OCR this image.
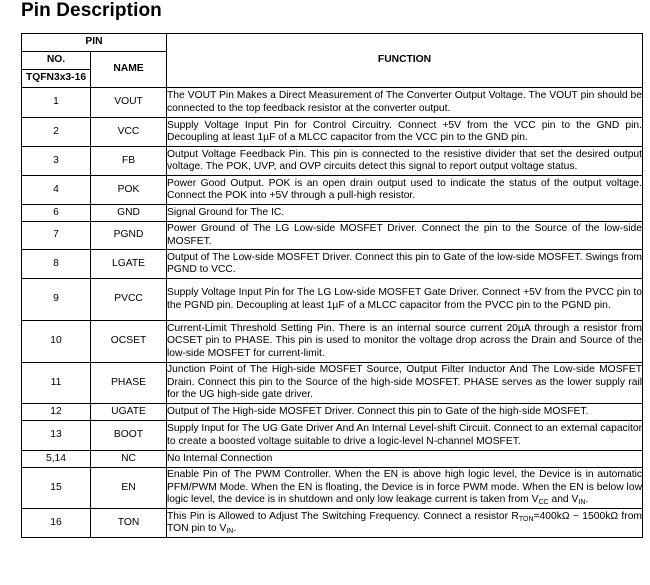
Pin Description
PIN		FUNCTION
NO.	NAME	
TQFN3x3-16		
1	VOUT	The VOUT Pin Makes a Direct Measurement of The Converter Output Voltage. The VOUT pin should be connected to the top feedback resistor at the converter output.
2	VCC	Supply Voltage Input Pin for Control Circuitry. Connect +5V from the VCC pin to the GND pin. Decoupling at least 1µF of a MLCC capacitor from the VCC pin to the GND pin.
3	FB	Output Voltage Feedback Pin. This pin is connected to the resistive divider that set the desired output voltage. The POK, UVP, and OVP circuits detect this signal to report output voltage status.
4	POK	Power Good Output. POK is an open drain output used to indicate the status of the output voltage. Connect the POK into +5V through a pull-high resistor.
6	GND	Signal Ground for The IC.
7	PGND	Power Ground of The LG Low-side MOSFET Driver. Connect the pin to the Source of the low-side MOSFET.
8	LGATE	Output of The Low-side MOSFET Driver. Connect this pin to Gate of the low-side MOSFET. Swings from PGND to VCC.
9	PVCC	Supply Voltage Input Pin for The LG Low-side MOSFET Gate Driver. Connect +5V from the PVCC pin to the PGND pin. Decoupling at least 1µF of a MLCC capacitor from the PVCC pin to the PGND pin.
10	OCSET	Current-Limit Threshold Setting Pin. There is an internal source current 20µA through a resistor from OCSET pin to PHASE. This pin is used to monitor the voltage drop across the Drain and Source of the low-side MOSFET for current-limit.
11	PHASE	Junction Point of The High-side MOSFET Source, Output Filter Inductor And The Low-side MOSFET Drain. Connect this pin to the Source of the high-side MOSFET. PHASE serves as the lower supply rail for the UG high-side gate driver.
12	UGATE	Output of The High-side MOSFET Driver. Connect this pin to Gate of the high-side MOSFET.
13	BOOT	Supply Input for The UG Gate Driver And An Internal Level-shift Circuit. Connect to an external capacitor to create a boosted voltage suitable to drive a logic-level N-channel MOSFET.
5,14	NC	No Internal Connection
15	EN	Enable Pin of The PWM Controller. When the EN is above high logic level, the Device is in automatic PFM/PWM Mode. When the EN is floating, the Device is in force PWM mode. When the EN is below low logic level, the device is in shutdown and only low leakage current is taken from $V_{CC}$ and $V_{IN}$.
16	TON	This Pin is Allowed to Adjust The Switching Frequency. Connect a resistor $R_{TON}=400k\Omega$ ~ 1500kΩ from TON pin to $V_{IN}$.
